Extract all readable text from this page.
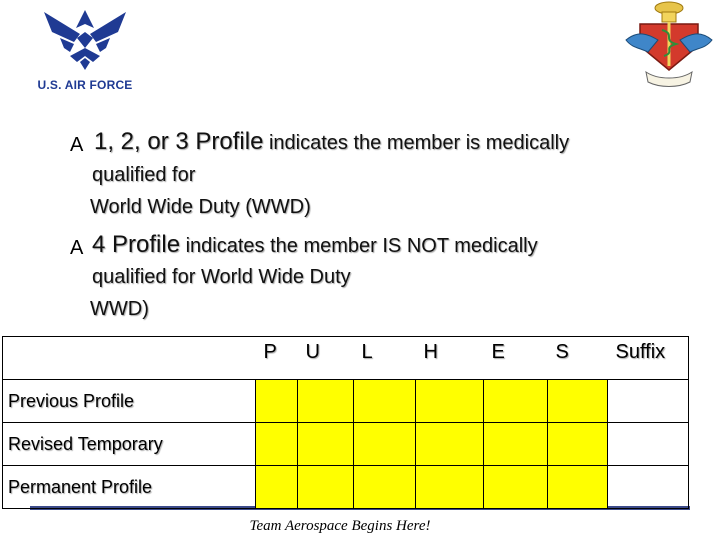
U.S. AIR FORCE
A 1, 2, or 3 Profile indicates the member is medically
qualified for
World Wide Duty (WWD)
A 4 Profile indicates the member IS NOT medically
qualified for World Wide Duty
WWD)

	P	U	L	H	E	S	Suffix

Previous Profile							

Revised Temporary							

Permanent Profile							

Team Aerospace Begins Here!
